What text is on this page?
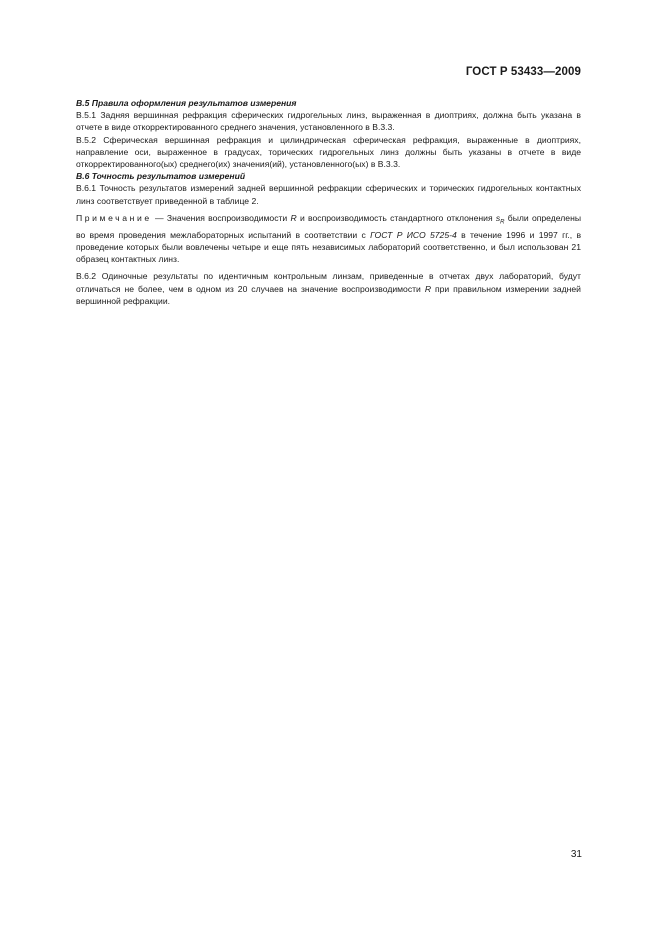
ГОСТ Р 53433—2009

B.5 Правила оформления результатов измерения

B.5.1 Задняя вершинная рефракция сферических гидрогельных линз, выраженная в диоптриях, должна быть указана в отчете в виде откорректированного среднего значения, установленного в В.3.3.

B.5.2 Сферическая вершинная рефракция и цилиндрическая сферическая рефракция, выраженные в диоптриях, направление оси, выраженное в градусах, торических гидрогельных линз должны быть указаны в отчете в виде откорректированного(ых) среднего(их) значения(ий), установленного(ых) в В.3.3.

B.6 Точность результатов измерений

B.6.1 Точность результатов измерений задней вершинной рефракции сферических и торических гидрогельных контактных линз соответствует приведенной в таблице 2.

Примечание — Значения воспроизводимости R и воспроизводимость стандартного отклонения $s_R$ были определены во время проведения межлабораторных испытаний в соответствии с ГОСТ Р ИСО 5725-4 в течение 1996 и 1997 гг., в проведение которых были вовлечены четыре и еще пять независимых лабораторий соответственно, и был использован 21 образец контактных линз.

B.6.2 Одиночные результаты по идентичным контрольным линзам, приведенные в отчетах двух лабораторий, будут отличаться не более, чем в одном из 20 случаев на значение воспроизводимости R при правильном измерении задней вершинной рефракции.

31
